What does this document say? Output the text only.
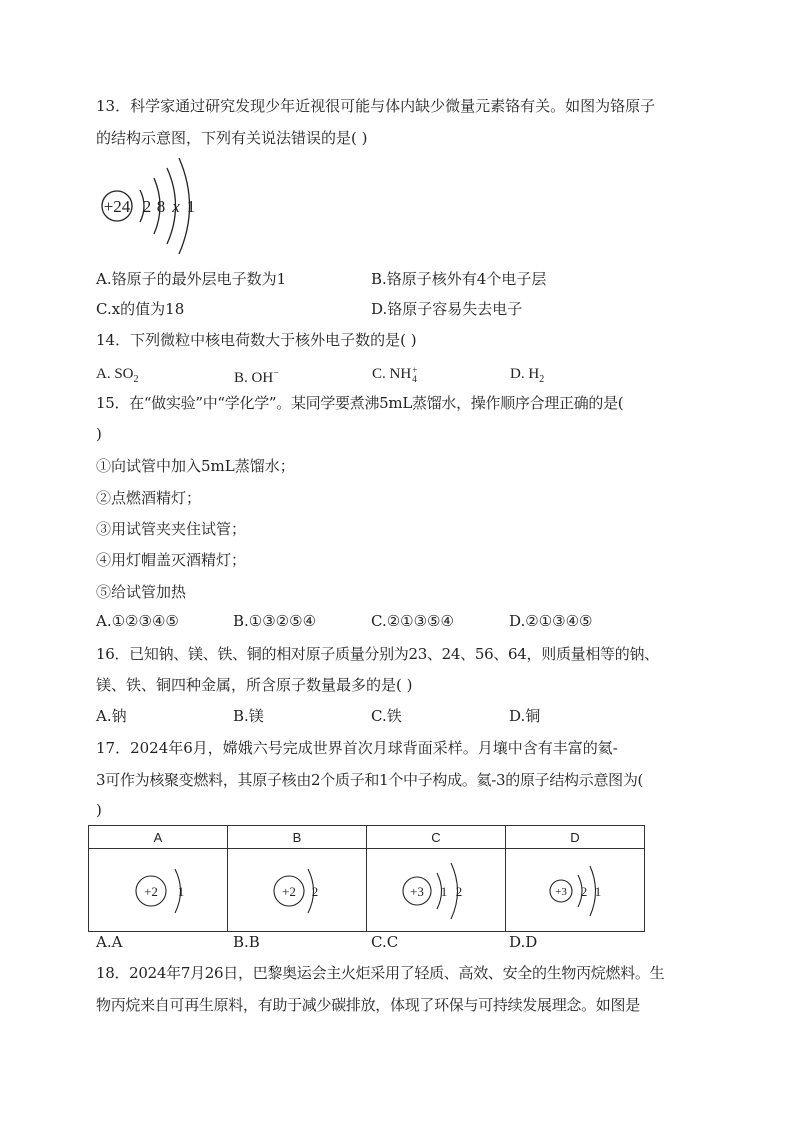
13．科学家通过研究发现少年近视很可能与体内缺少微量元素铬有关。如图为铬原子
的结构示意图，下列有关说法错误的是( )
+24 2 8 x 1
A.铬原子的最外层电子数为1	B.铬原子核外有4个电子层
C.x的值为18	D.铬原子容易失去电子
14．下列微粒中核电荷数大于核外电子数的是( )
A. $SO_2$	B. OH−	C. NH +
4	D. $H_2$
15．在“做实验”中“学化学”。某同学要煮沸5mL蒸馏水，操作顺序合理正确的是(
)
①向试管中加入5mL蒸馏水；
②点燃酒精灯；
③用试管夹夹住试管；
④用灯帽盖灭酒精灯；
⑤给试管加热
A.①②③④⑤	B.①③②⑤④	C.②①③⑤④	D.②①③④⑤
16．已知钠、镁、铁、铜的相对原子质量分别为23、24、56、64，则质量相等的钠、
镁、铁、铜四种金属，所含原子数量最多的是( )
A.钠	B.镁	C.铁	D.铜
17．2024年6月，嫦娥六号完成世界首次月球背面采样。月壤中含有丰富的氦-
3可作为核聚变燃料，其原子核由2个质子和1个中子构成。氦-3的原子结构示意图为(
)
A	B	C	D

+2 1	+2 2	+3 1 2	+3 2 1
A.A	B.B	C.C	D.D
18．2024年7月26日，巴黎奥运会主火炬采用了轻质、高效、安全的生物丙烷燃料。生
物丙烷来自可再生原料，有助于减少碳排放，体现了环保与可持续发展理念。如图是
